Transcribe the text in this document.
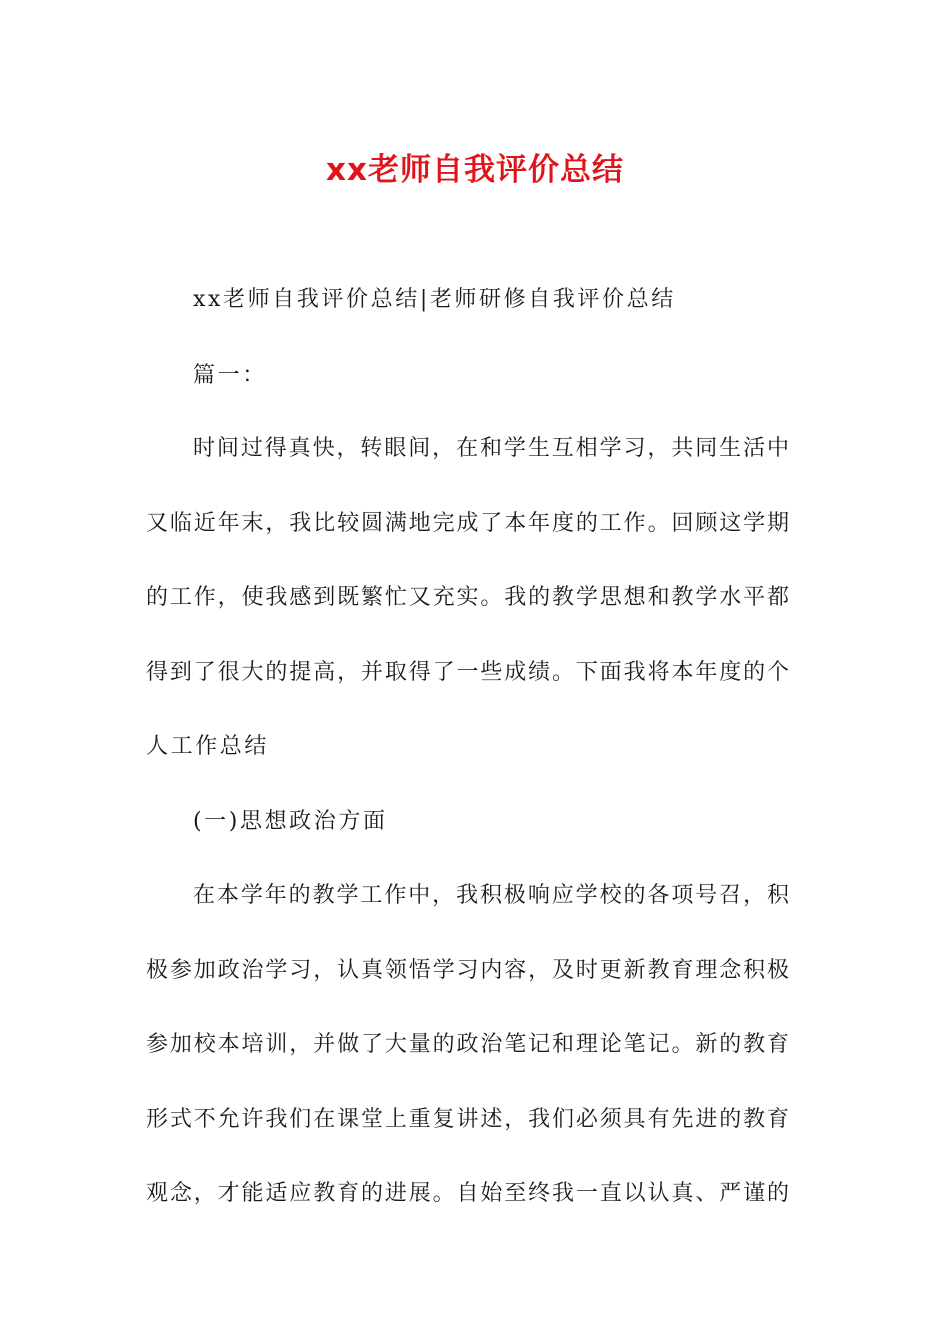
xx老师自我评价总结
xx老师自我评价总结|老师研修自我评价总结
篇一：
时间过得真快，转眼间，在和学生互相学习，共同生活中
又临近年末，我比较圆满地完成了本年度的工作。回顾这学期
的工作，使我感到既繁忙又充实。我的教学思想和教学水平都
得到了很大的提高，并取得了一些成绩。下面我将本年度的个
人工作总结
(一)思想政治方面
在本学年的教学工作中，我积极响应学校的各项号召，积
极参加政治学习，认真领悟学习内容，及时更新教育理念积极
参加校本培训，并做了大量的政治笔记和理论笔记。新的教育
形式不允许我们在课堂上重复讲述，我们必须具有先进的教育
观念，才能适应教育的进展。自始至终我一直以认真、严谨的
